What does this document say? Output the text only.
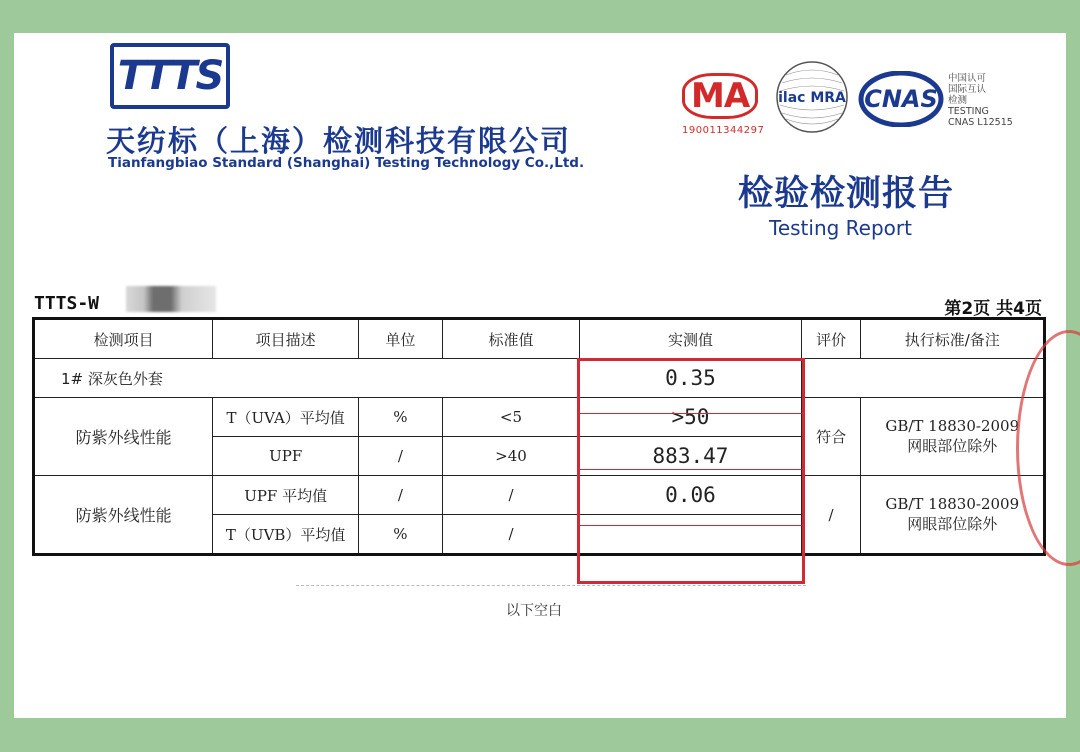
TTTS
天纺标（上海）检测科技有限公司
Tianfangbiao Standard (Shanghai) Testing Technology Co.,Ltd.
MA
190011344297
ilac MRA CNAS
中国认可
国际互认
检测
TESTING
CNAS L12515
检验检测报告
Testing Report
TTTS-W	第2页 共4页
检测项目	项目描述	单位	标准值	实测值	评价	执行标准/备注
1# 深灰色外套				0.35		
防紫外线性能	T（UVA）平均值	%	<5	>50	符合	GB/T 18830-2009
网眼部位除外

	UPF	/	>40	883.47		
防紫外线性能	UPF 平均值	/	/	0.06	/	GB/T 18830-2009
网眼部位除外

	T（UVB）平均值	%	/			
以下空白
